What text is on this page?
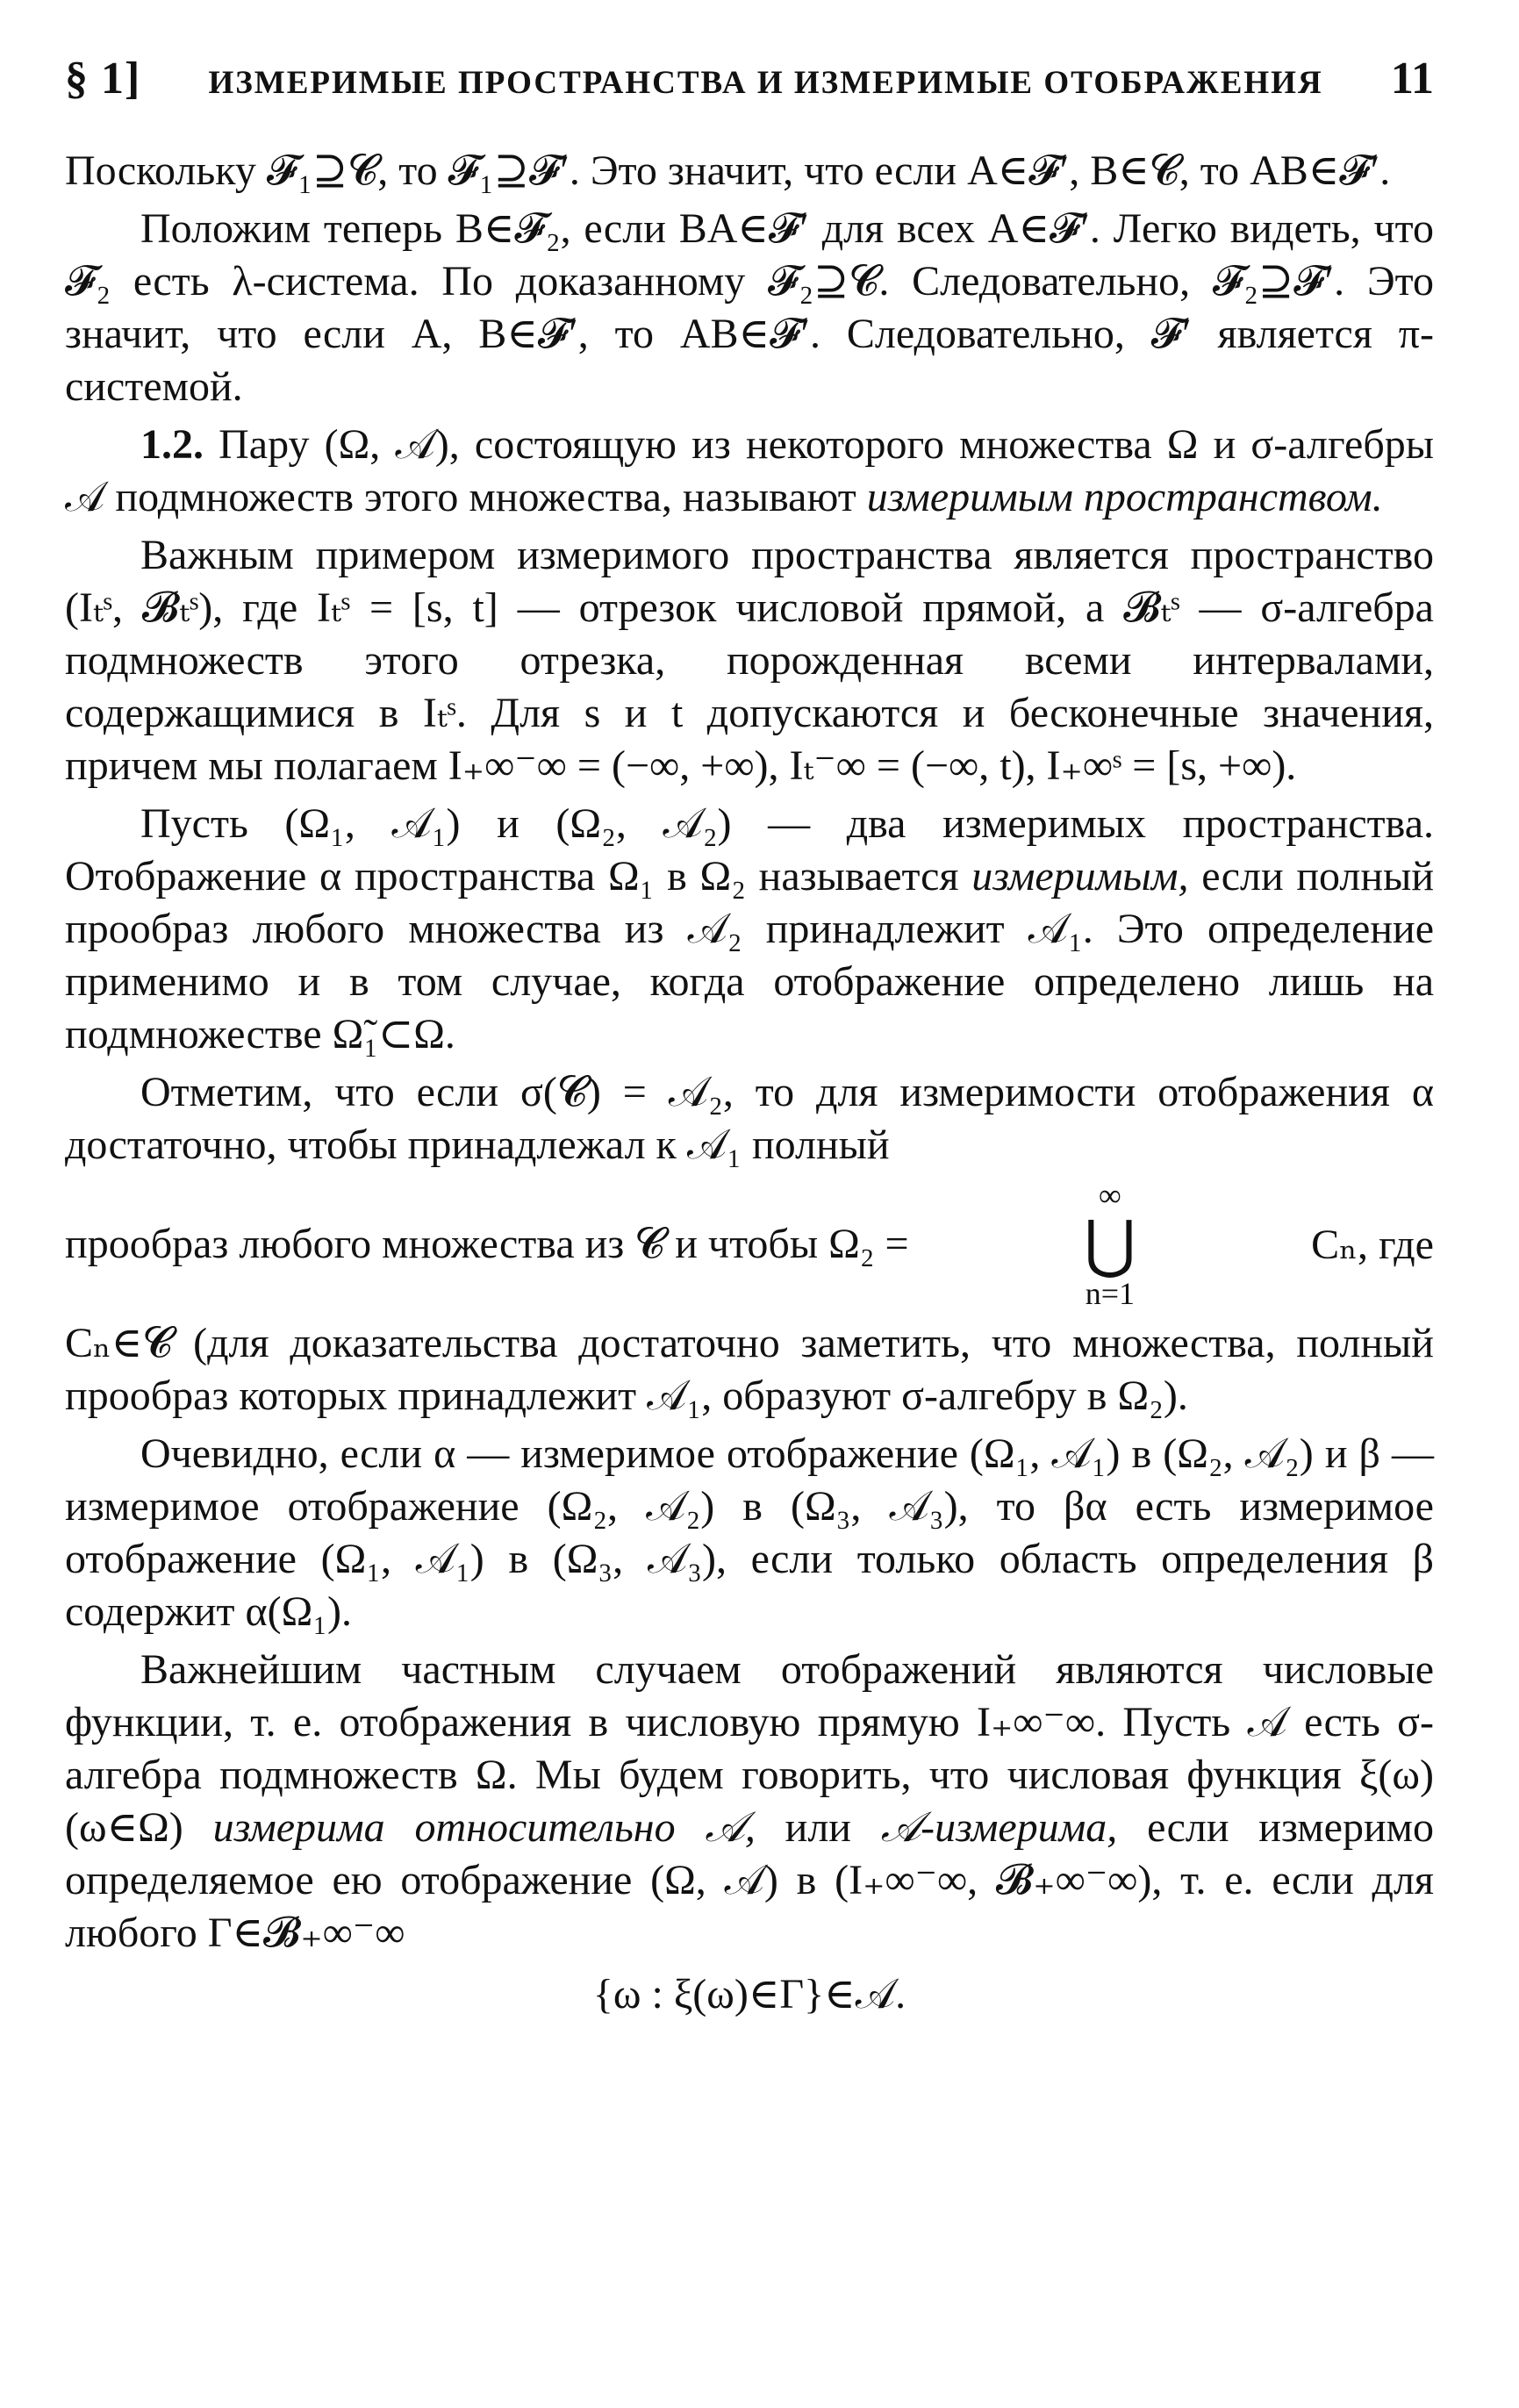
§ 1]	ИЗМЕРИМЫЕ ПРОСТРАНСТВА И ИЗМЕРИМЫЕ ОТОБРАЖЕНИЯ	11

Поскольку 𝓕₁⊇𝓒, то 𝓕₁⊇𝓕′. Это значит, что если A∈𝓕′, B∈𝓒, то AB∈𝓕′.

Положим теперь B∈𝓕₂, если BA∈𝓕′ для всех A∈𝓕′. Легко видеть, что 𝓕₂ есть λ-система. По доказанному 𝓕₂⊇𝓒. Следовательно, 𝓕₂⊇𝓕′. Это значит, что если A, B∈𝓕′, то AB∈𝓕′. Следовательно, 𝓕′ является π-системой.

1.2. Пару (Ω, 𝒜), состоящую из некоторого множества Ω и σ-алгебры 𝒜 подмножеств этого множества, называют измеримым пространством.

Важным примером измеримого пространства является пространство (Iₜˢ, 𝓑ₜˢ), где Iₜˢ = [s, t] — отрезок числовой прямой, а 𝓑ₜˢ — σ-алгебра подмножеств этого отрезка, порожденная всеми интервалами, содержащимися в Iₜˢ. Для s и t допускаются и бесконечные значения, причем мы полагаем I₊∞⁻∞ = (−∞, +∞), Iₜ⁻∞ = (−∞, t), I₊∞ˢ = [s, +∞).

Пусть (Ω₁, 𝒜₁) и (Ω₂, 𝒜₂) — два измеримых пространства. Отображение α пространства Ω₁ в Ω₂ называется измеримым, если полный прообраз любого множества из 𝒜₂ принадлежит 𝒜₁. Это определение применимо и в том случае, когда отображение определено лишь на подмножестве Ω̃₁⊂Ω.

Отметим, что если σ(𝓒) = 𝒜₂, то для измеримости отображения α достаточно, чтобы принадлежал к 𝒜₁ полный

прообраз любого множества из 𝓒 и чтобы Ω₂ =
∞
⋃
n=1
Cₙ, где

Cₙ∈𝓒 (для доказательства достаточно заметить, что множества, полный прообраз которых принадлежит 𝒜₁, образуют σ-алгебру в Ω₂).

Очевидно, если α — измеримое отображение (Ω₁, 𝒜₁) в (Ω₂, 𝒜₂) и β — измеримое отображение (Ω₂, 𝒜₂) в (Ω₃, 𝒜₃), то βα есть измеримое отображение (Ω₁, 𝒜₁) в (Ω₃, 𝒜₃), если только область определения β содержит α(Ω₁).

Важнейшим частным случаем отображений являются числовые функции, т. е. отображения в числовую прямую I₊∞⁻∞. Пусть 𝒜 есть σ-алгебра подмножеств Ω. Мы будем говорить, что числовая функция ξ(ω) (ω∈Ω) измерима относительно 𝒜, или 𝒜-измерима, если измеримо определяемое ею отображение (Ω, 𝒜) в (I₊∞⁻∞, 𝓑₊∞⁻∞), т. е. если для любого Γ∈𝓑₊∞⁻∞

{ω : ξ(ω)∈Γ}∈𝒜.
